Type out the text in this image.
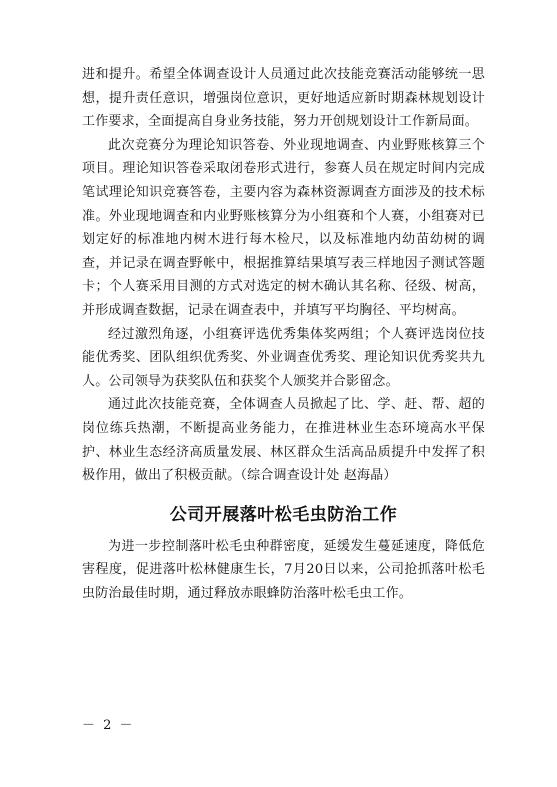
进和提升。希望全体调查设计人员通过此次技能竞赛活动能够统一思想，提升责任意识，增强岗位意识，更好地适应新时期森林规划设计工作要求，全面提高自身业务技能，努力开创规划设计工作新局面。

此次竞赛分为理论知识答卷、外业现地调查、内业野账核算三个项目。理论知识答卷采取闭卷形式进行，参赛人员在规定时间内完成笔试理论知识竞赛答卷，主要内容为森林资源调查方面涉及的技术标准。外业现地调查和内业野账核算分为小组赛和个人赛，小组赛对已划定好的标准地内树木进行每木检尺，以及标准地内幼苗幼树的调查，并记录在调查野帐中，根据推算结果填写表三样地因子测试答题卡；个人赛采用目测的方式对选定的树木确认其名称、径级、树高，并形成调查数据，记录在调查表中，并填写平均胸径、平均树高。

经过激烈角逐，小组赛评选优秀集体奖两组；个人赛评选岗位技能优秀奖、团队组织优秀奖、外业调查优秀奖、理论知识优秀奖共九人。公司领导为获奖队伍和获奖个人颁奖并合影留念。

通过此次技能竞赛，全体调查人员掀起了比、学、赶、帮、超的岗位练兵热潮，不断提高业务能力，在推进林业生态环境高水平保护、林业生态经济高质量发展、林区群众生活高品质提升中发挥了积极作用，做出了积极贡献。（综合调查设计处 赵海晶）

公司开展落叶松毛虫防治工作

为进一步控制落叶松毛虫种群密度，延缓发生蔓延速度，降低危害程度，促进落叶松林健康生长，7月20日以来，公司抢抓落叶松毛虫防治最佳时期，通过释放赤眼蜂防治落叶松毛虫工作。

－ 2 －
